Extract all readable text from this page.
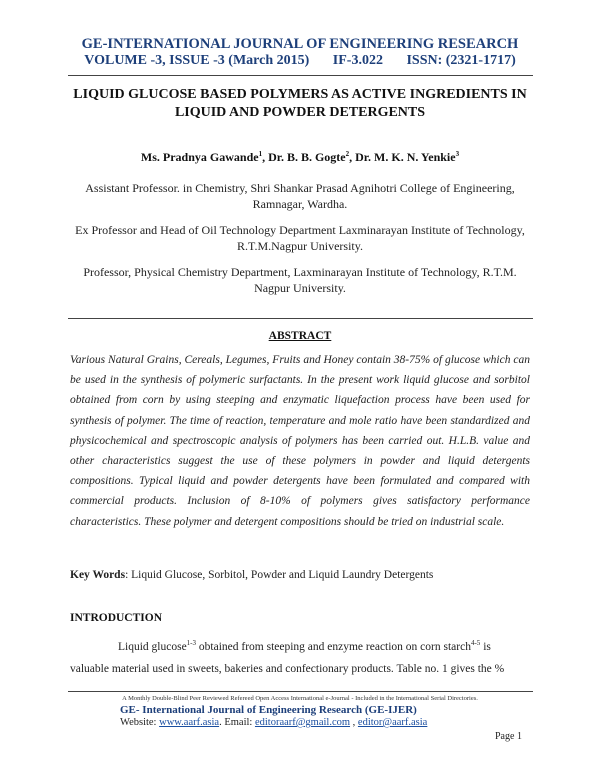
GE-INTERNATIONAL JOURNAL OF ENGINEERING RESEARCH
VOLUME -3, ISSUE -3 (March 2015) IF-3.022 ISSN: (2321-1717)
LIQUID GLUCOSE BASED POLYMERS AS ACTIVE INGREDIENTS IN LIQUID AND POWDER DETERGENTS
Ms. Pradnya Gawande$^1$, Dr. B. B. Gogte$^2$, Dr. M. K. N. Yenkie$^3$
Assistant Professor. in Chemistry, Shri Shankar Prasad Agnihotri College of Engineering, Ramnagar, Wardha.
Ex Professor and Head of Oil Technology Department Laxminarayan Institute of Technology, R.T.M.Nagpur University.
Professor, Physical Chemistry Department, Laxminarayan Institute of Technology, R.T.M. Nagpur University.
ABSTRACT
Various Natural Grains, Cereals, Legumes, Fruits and Honey contain 38-75% of glucose which can be used in the synthesis of polymeric surfactants. In the present work liquid glucose and sorbitol obtained from corn by using steeping and enzymatic liquefaction process have been used for synthesis of polymer. The time of reaction, temperature and mole ratio have been standardized and physicochemical and spectroscopic analysis of polymers has been carried out. H.L.B. value and other characteristics suggest the use of these polymers in powder and liquid detergents compositions. Typical liquid and powder detergents have been formulated and compared with commercial products. Inclusion of 8-10% of polymers gives satisfactory performance characteristics. These polymer and detergent compositions should be tried on industrial scale.
Key Words: Liquid Glucose, Sorbitol, Powder and Liquid Laundry Detergents
INTRODUCTION
Liquid glucose$^{1-3}$ obtained from steeping and enzyme reaction on corn starch$^{4-5}$ is valuable material used in sweets, bakeries and confectionary products. Table no. 1 gives the %
A Monthly Double-Blind Peer Reviewed Refereed Open Access International e-Journal - Included in the International Serial Directories.
GE- International Journal of Engineering Research (GE-IJER)
Website: www.aarf.asia. Email: editoraarf@gmail.com , editor@aarf.asia
Page 1
